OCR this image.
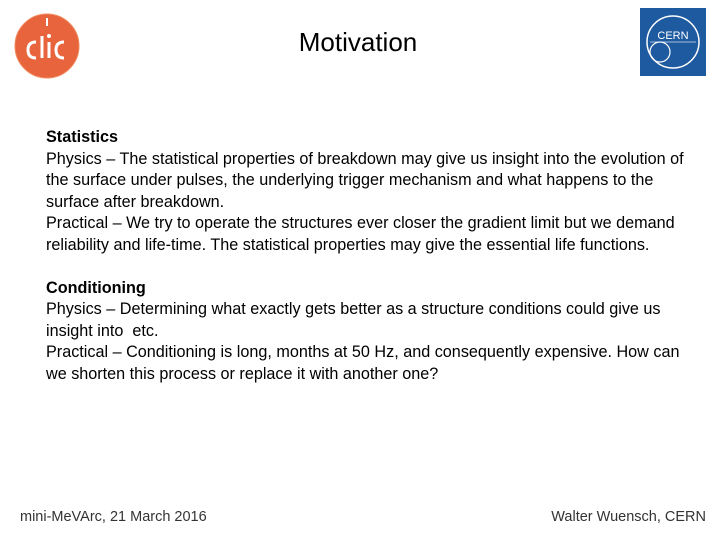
Motivation	CERN
Statistics
Physics – The statistical properties of breakdown may give us insight into the evolution of the surface under pulses, the underlying trigger mechanism and what happens to the surface after breakdown.
Practical – We try to operate the structures ever closer the gradient limit but we demand reliability and life-time. The statistical properties may give the essential life functions.
Conditioning
Physics – Determining what exactly gets better as a structure conditions could give us insight into  etc.
Practical – Conditioning is long, months at 50 Hz, and consequently expensive. How can we shorten this process or replace it with another one?
mini-MeVArc, 21 March 2016	Walter Wuensch, CERN
